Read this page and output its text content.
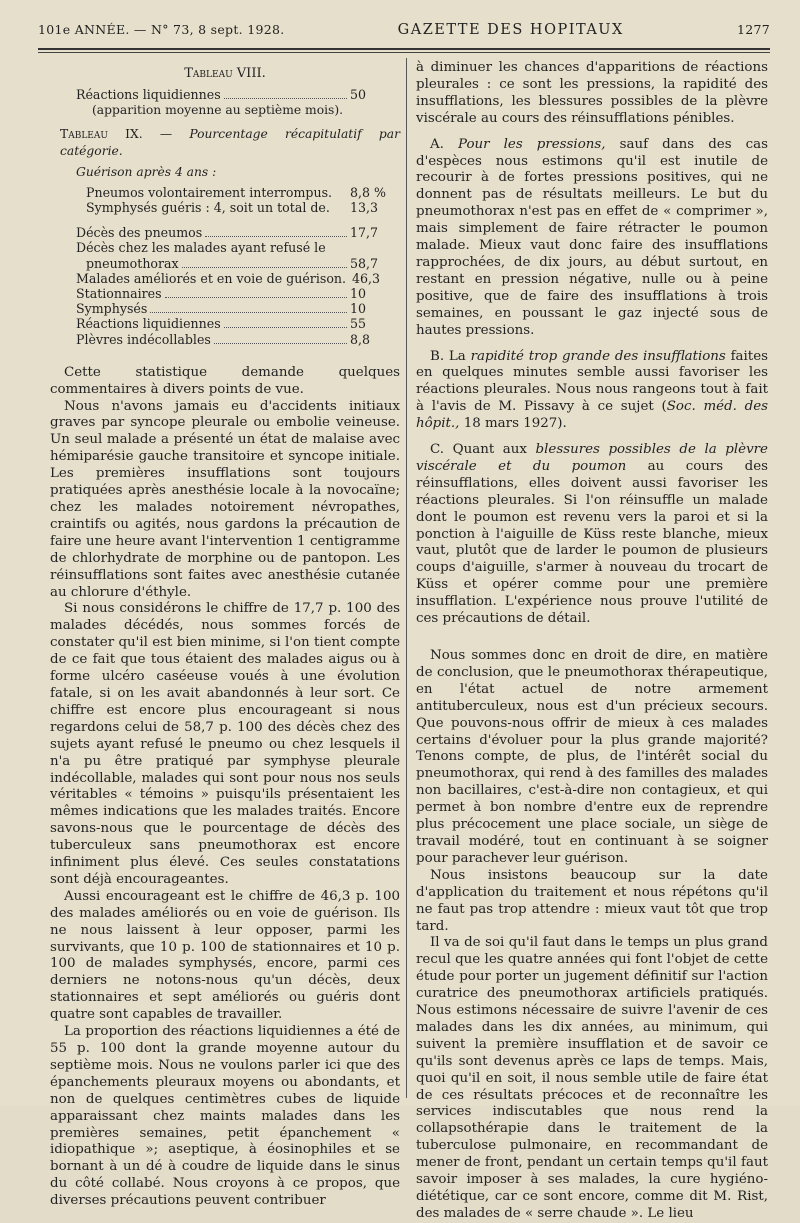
101e ANNÉE. — N° 73, 8 sept. 1928.	GAZETTE DES HOPITAUX	1277
Tableau VIII.
Réactions liquidiennes	50
(apparition moyenne au septième mois).
Tableau IX. — Pourcentage récapitulatif par catégorie.
Guérison après 4 ans :
Pneumos volontairement interrompus. 8,8 %
Symphysés guéris : 4, soit un total de. 13,3
Décès des pneumos	17,7
Décès chez les malades ayant refusé le
pneumothorax	58,7
Malades améliorés et en voie de guérison. 46,3
Stationnaires	10
Symphysés	10
Réactions liquidiennes	55
Plèvres indécollables	8,8

Cette statistique demande quelques commentaires à divers points de vue.

Nous n'avons jamais eu d'accidents initiaux graves par syncope pleurale ou embolie veineuse. Un seul malade a présenté un état de malaise avec hémiparésie gauche transitoire et syncope initiale. Les premières insufflations sont toujours pratiquées après anesthésie locale à la novocaïne; chez les malades notoirement névropathes, craintifs ou agités, nous gardons la précaution de faire une heure avant l'intervention 1 centigramme de chlorhydrate de morphine ou de pantopon. Les réinsufflations sont faites avec anesthésie cutanée au chlorure d'éthyle.

Si nous considérons le chiffre de 17,7 p. 100 des malades décédés, nous sommes forcés de constater qu'il est bien minime, si l'on tient compte de ce fait que tous étaient des malades aigus ou à forme ulcéro caséeuse voués à une évolution fatale, si on les avait abandonnés à leur sort. Ce chiffre est encore plus encourageant si nous regardons celui de 58,7 p. 100 des décès chez des sujets ayant refusé le pneumo ou chez lesquels il n'a pu être pratiqué par symphyse pleurale indécollable, malades qui sont pour nous nos seuls véritables « témoins » puisqu'ils présentaient les mêmes indications que les malades traités. Encore savons-nous que le pourcentage de décès des tuberculeux sans pneumothorax est encore infiniment plus élevé. Ces seules constatations sont déjà encourageantes.

Aussi encourageant est le chiffre de 46,3 p. 100 des malades améliorés ou en voie de guérison. Ils ne nous laissent à leur opposer, parmi les survivants, que 10 p. 100 de stationnaires et 10 p. 100 de malades symphysés, encore, parmi ces derniers ne notons-nous qu'un décès, deux stationnaires et sept améliorés ou guéris dont quatre sont capables de travailler.

La proportion des réactions liquidiennes a été de 55 p. 100 dont la grande moyenne autour du septième mois. Nous ne voulons parler ici que des épanchements pleuraux moyens ou abondants, et non de quelques centimètres cubes de liquide apparaissant chez maints malades dans les premières semaines, petit épanchement « idiopathique »; aseptique, à éosinophiles et se bornant à un dé à coudre de liquide dans le sinus du côté collabé. Nous croyons à ce propos, que diverses précautions peuvent contribuer

à diminuer les chances d'apparitions de réactions pleurales : ce sont les pressions, la rapidité des insufflations, les blessures possibles de la plèvre viscérale au cours des réinsufflations pénibles.

A. Pour les pressions, sauf dans des cas d'espèces nous estimons qu'il est inutile de recourir à de fortes pressions positives, qui ne donnent pas de résultats meilleurs. Le but du pneumothorax n'est pas en effet de « comprimer », mais simplement de faire rétracter le poumon malade. Mieux vaut donc faire des insufflations rapprochées, de dix jours, au début surtout, en restant en pression négative, nulle ou à peine positive, que de faire des insufflations à trois semaines, en poussant le gaz injecté sous de hautes pressions.

B. La rapidité trop grande des insufflations faites en quelques minutes semble aussi favoriser les réactions pleurales. Nous nous rangeons tout à fait à l'avis de M. Pissavy à ce sujet (Soc. méd. des hôpit., 18 mars 1927).

C. Quant aux blessures possibles de la plèvre viscérale et du poumon au cours des réinsufflations, elles doivent aussi favoriser les réactions pleurales. Si l'on réinsuffle un malade dont le poumon est revenu vers la paroi et si la ponction à l'aiguille de Küss reste blanche, mieux vaut, plutôt que de larder le poumon de plusieurs coups d'aiguille, s'armer à nouveau du trocart de Küss et opérer comme pour une première insufflation. L'expérience nous prouve l'utilité de ces précautions de détail.

Nous sommes donc en droit de dire, en matière de conclusion, que le pneumothorax thérapeutique, en l'état actuel de notre armement antituberculeux, nous est d'un précieux secours. Que pouvons-nous offrir de mieux à ces malades certains d'évoluer pour la plus grande majorité? Tenons compte, de plus, de l'intérêt social du pneumothorax, qui rend à des familles des malades non bacillaires, c'est-à-dire non contagieux, et qui permet à bon nombre d'entre eux de reprendre plus précocement une place sociale, un siège de travail modéré, tout en continuant à se soigner pour parachever leur guérison.

Nous insistons beaucoup sur la date d'application du traitement et nous répétons qu'il ne faut pas trop attendre : mieux vaut tôt que trop tard.

Il va de soi qu'il faut dans le temps un plus grand recul que les quatre années qui font l'objet de cette étude pour porter un jugement définitif sur l'action curatrice des pneumothorax artificiels pratiqués. Nous estimons nécessaire de suivre l'avenir de ces malades dans les dix années, au minimum, qui suivent la première insufflation et de savoir ce qu'ils sont devenus après ce laps de temps. Mais, quoi qu'il en soit, il nous semble utile de faire état de ces résultats précoces et de reconnaître les services indiscutables que nous rend la collapsothérapie dans le traitement de la tuberculose pulmonaire, en recommandant de mener de front, pendant un certain temps qu'il faut savoir imposer à ses malades, la cure hygiéno-diététique, car ce sont encore, comme dit M. Rist, des malades de « serre chaude ». Le lieu
